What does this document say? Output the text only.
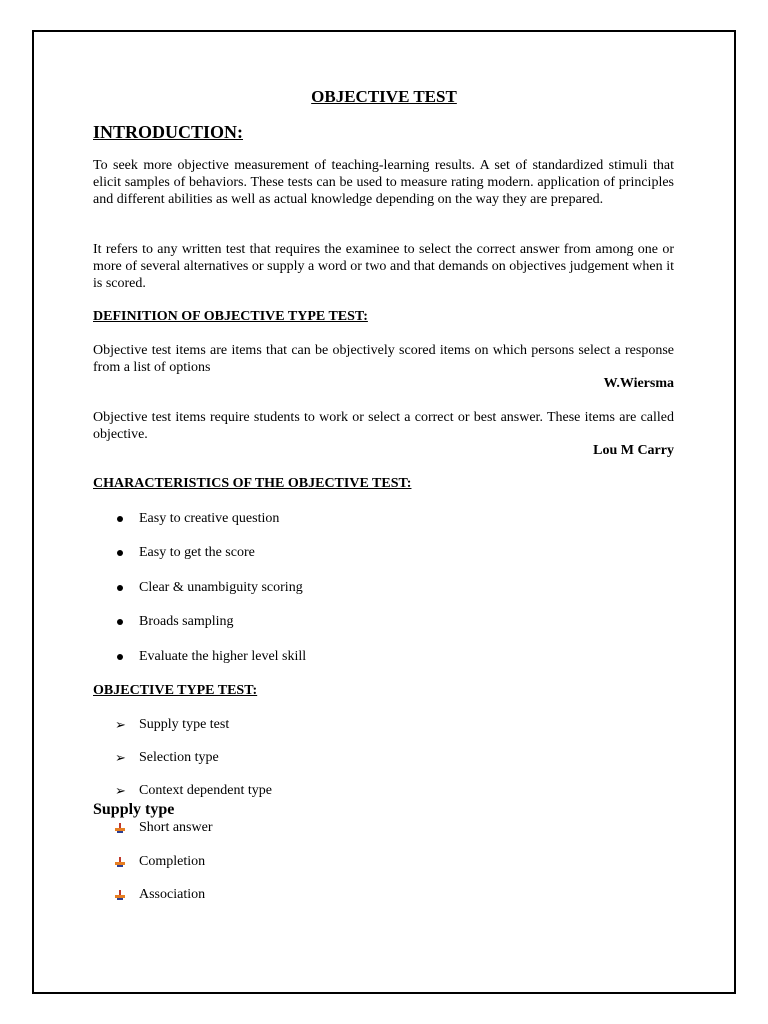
OBJECTIVE TEST
INTRODUCTION:

To seek more objective measurement of teaching-learning results. A set of standardized stimuli that elicit samples of behaviors. These tests can be used to measure rating modern. application of principles and different abilities as well as actual knowledge depending on the way they are prepared.

It refers to any written test that requires the examinee to select the correct answer from among one or more of several alternatives or supply a word or two and that demands on objectives judgement when it is scored.

DEFINITION OF OBJECTIVE TYPE TEST:

Objective test items are items that can be objectively scored items on which persons select a response from a list of options

W.Wiersma

Objective test items require students to work or select a correct or best answer. These items are called objective.

Lou M Carry
CHARACTERISTICS OF THE OBJECTIVE TEST:
Easy to creative question
Easy to get the score
Clear & unambiguity scoring
Broads sampling
Evaluate the higher level skill
OBJECTIVE TYPE TEST:
➢ Supply type test
➢ Selection type
➢ Context dependent type
Supply type
Short answer
Completion
Association
